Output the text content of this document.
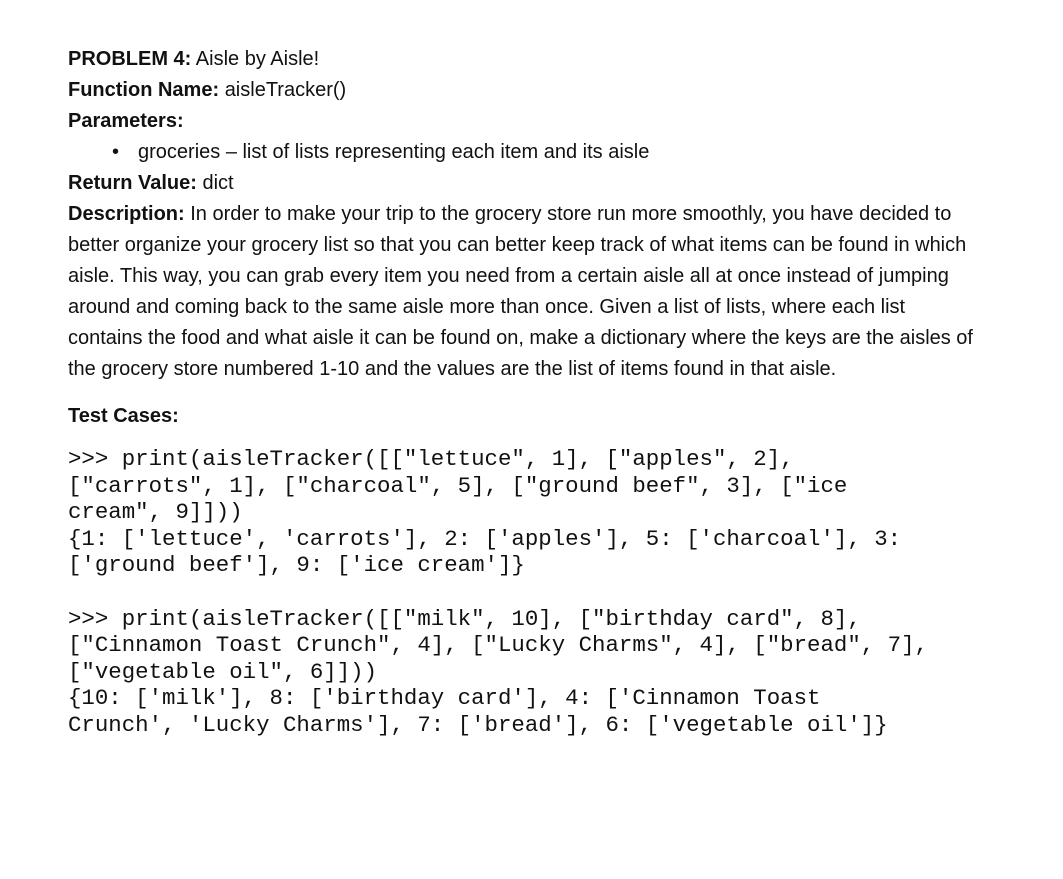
PROBLEM 4: Aisle by Aisle!

Function Name: aisleTracker()

Parameters:

• groceries – list of lists representing each item and its aisle

Return Value: dict

Description: In order to make your trip to the grocery store run more smoothly, you have decided to better organize your grocery list so that you can better keep track of what items can be found in which aisle. This way, you can grab every item you need from a certain aisle all at once instead of jumping around and coming back to the same aisle more than once. Given a list of lists, where each list contains the food and what aisle it can be found on, make a dictionary where the keys are the aisles of the grocery store numbered 1-10 and the values are the list of items found in that aisle.

Test Cases:

>>> print(aisleTracker([["lettuce", 1], ["apples", 2],
["carrots", 1], ["charcoal", 5], ["ground beef", 3], ["ice
cream", 9]]))
{1: ['lettuce', 'carrots'], 2: ['apples'], 5: ['charcoal'], 3:
['ground beef'], 9: ['ice cream']}
>>> print(aisleTracker([["milk", 10], ["birthday card", 8],
["Cinnamon Toast Crunch", 4], ["Lucky Charms", 4], ["bread", 7],
["vegetable oil", 6]]))
{10: ['milk'], 8: ['birthday card'], 4: ['Cinnamon Toast
Crunch', 'Lucky Charms'], 7: ['bread'], 6: ['vegetable oil']}
